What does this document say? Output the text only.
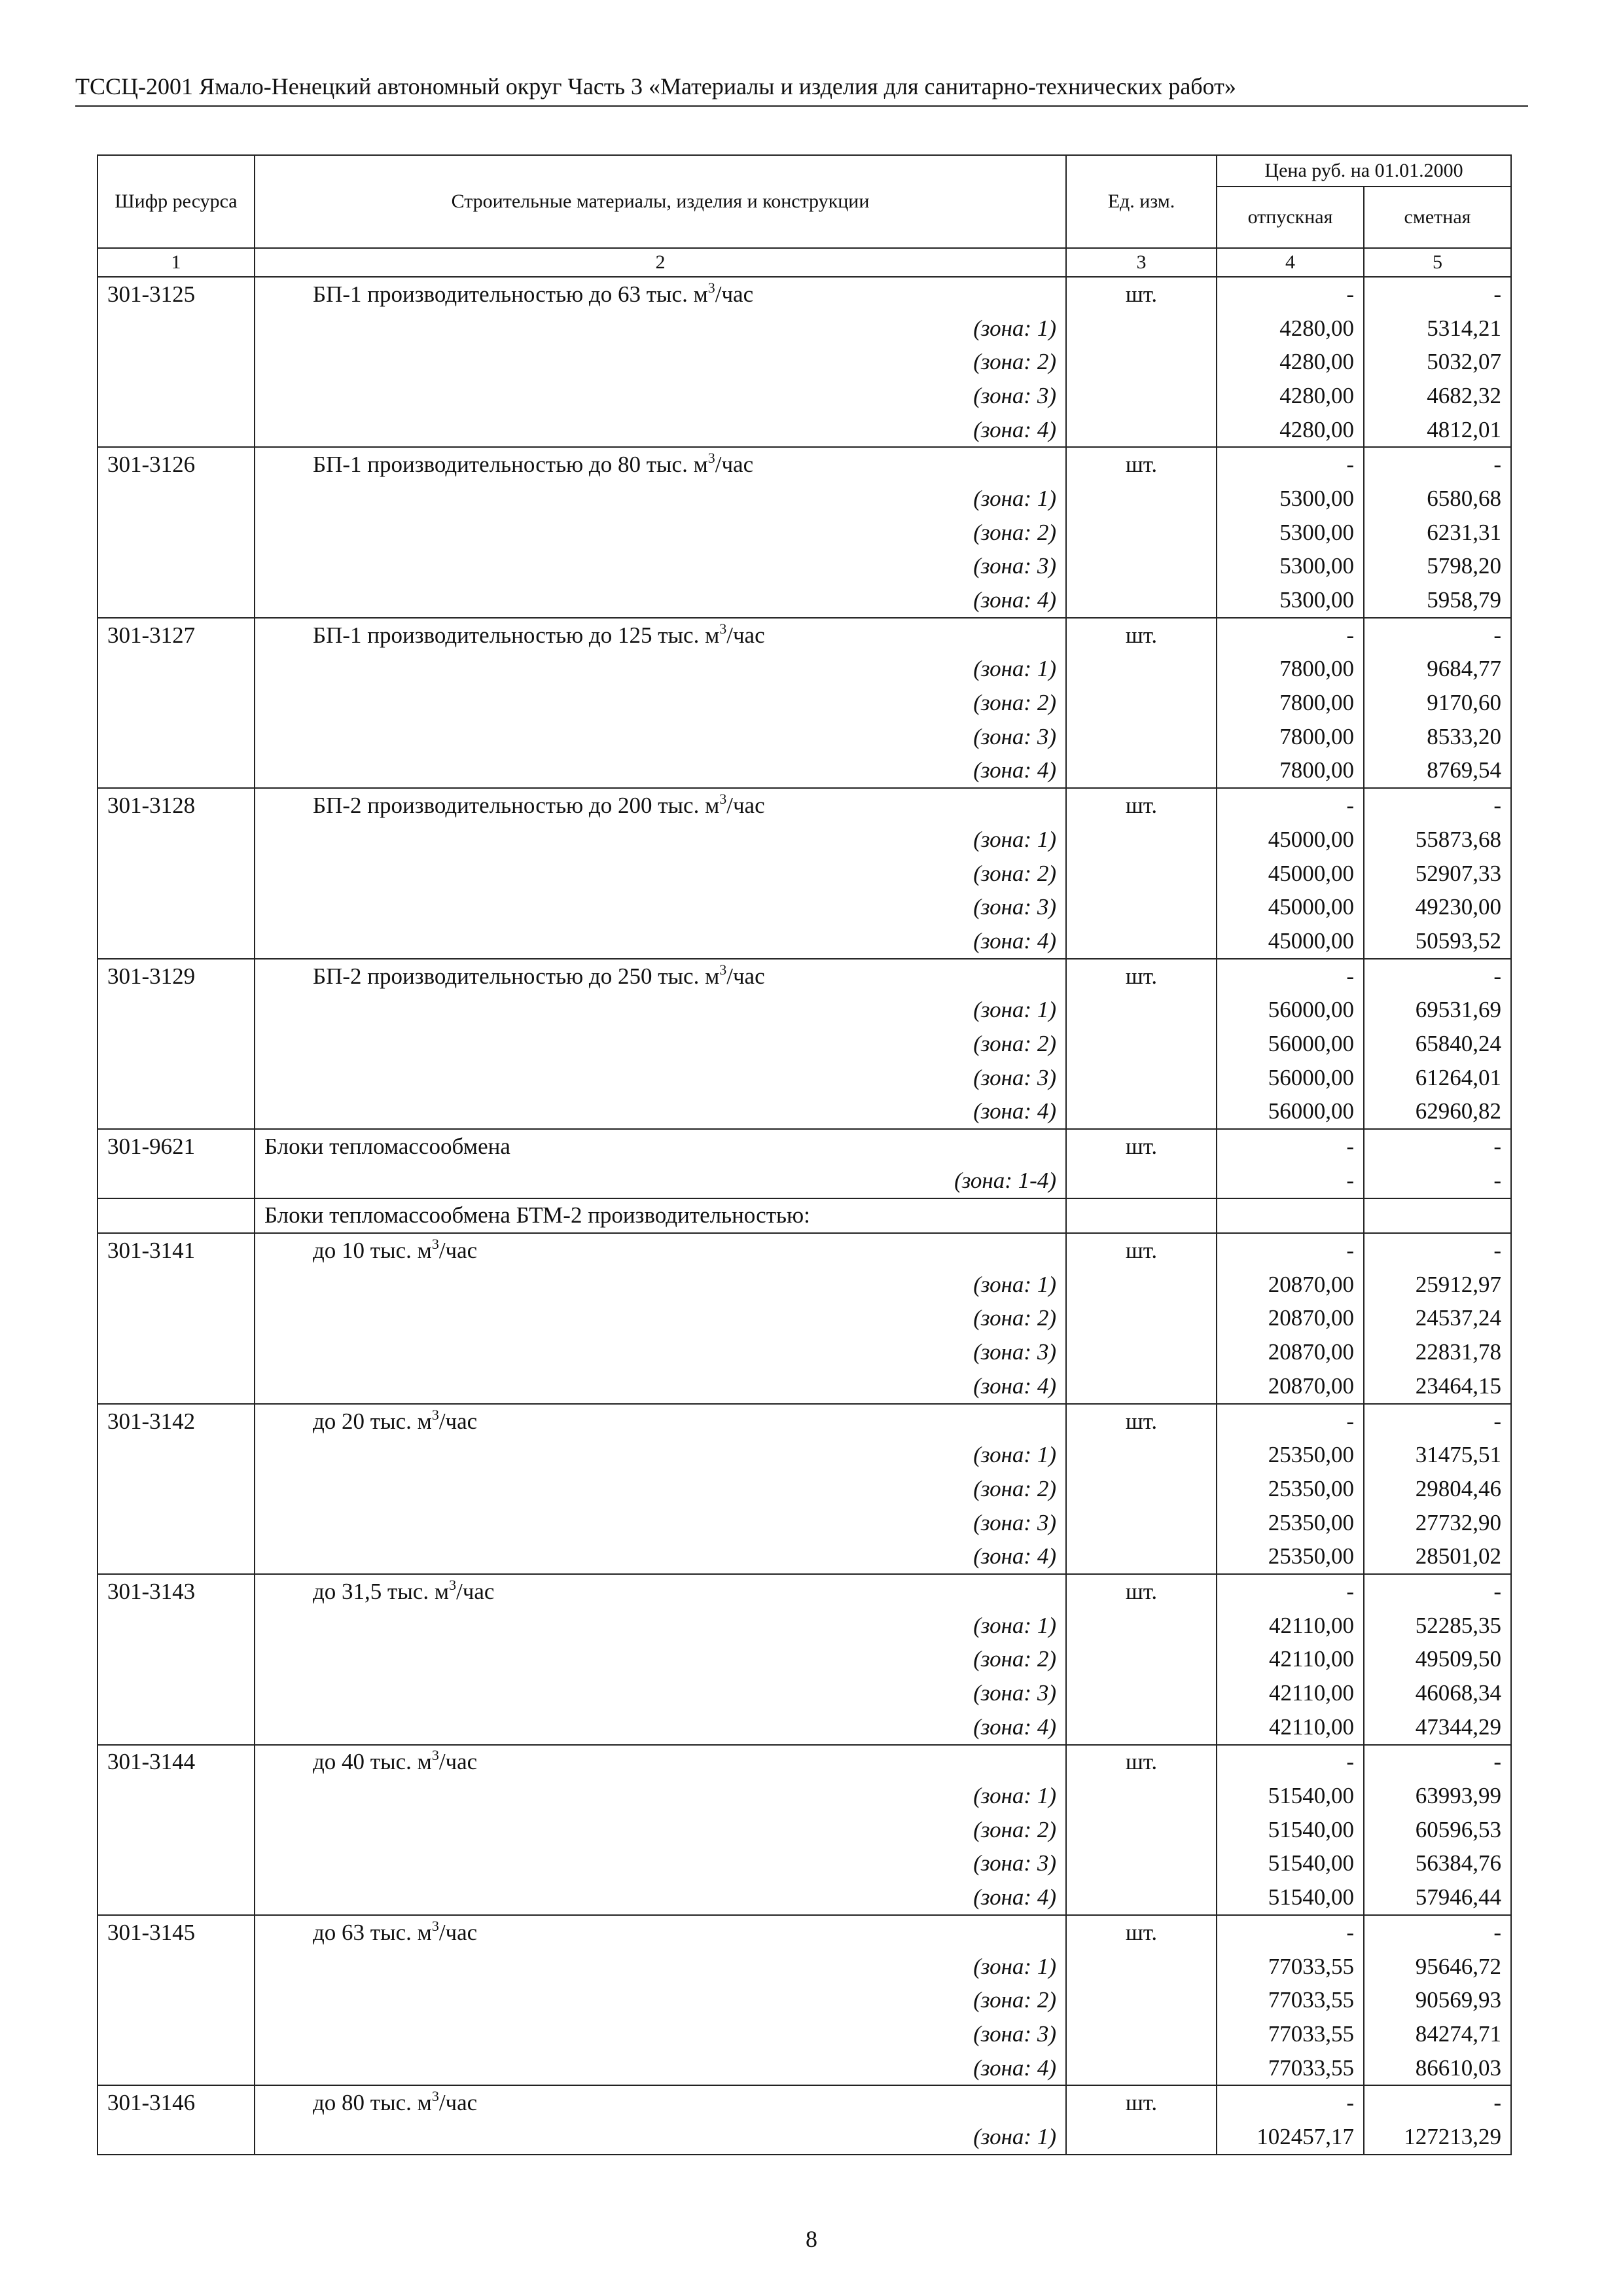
ТССЦ-2001 Ямало-Ненецкий автономный округ Часть 3 «Материалы и изделия для санитарно-технических работ»
Шифр ресурса	Строительные материалы, изделия и конструкции	Ед. изм.	Цена руб. на 01.01.2000	
			отпускная	сметная
1	2	3	4	5
301-3125	БП-1 производительностью до 63 тыс. $м^3$/час	шт.	-	-
	(зона: 1)		4280,00	5314,21
	(зона: 2)		4280,00	5032,07
	(зона: 3)		4280,00	4682,32
	(зона: 4)		4280,00	4812,01
301-3126	БП-1 производительностью до 80 тыс. $м^3$/час	шт.	-	-
	(зона: 1)		5300,00	6580,68
	(зона: 2)		5300,00	6231,31
	(зона: 3)		5300,00	5798,20
	(зона: 4)		5300,00	5958,79
301-3127	БП-1 производительностью до 125 тыс. $м^3$/час	шт.	-	-
	(зона: 1)		7800,00	9684,77
	(зона: 2)		7800,00	9170,60
	(зона: 3)		7800,00	8533,20
	(зона: 4)		7800,00	8769,54
301-3128	БП-2 производительностью до 200 тыс. $м^3$/час	шт.	-	-
	(зона: 1)		45000,00	55873,68
	(зона: 2)		45000,00	52907,33
	(зона: 3)		45000,00	49230,00
	(зона: 4)		45000,00	50593,52
301-3129	БП-2 производительностью до 250 тыс. $м^3$/час	шт.	-	-
	(зона: 1)		56000,00	69531,69
	(зона: 2)		56000,00	65840,24
	(зона: 3)		56000,00	61264,01
	(зона: 4)		56000,00	62960,82
301-9621	Блоки тепломассообмена	шт.	-	-
	(зона: 1-4)		-	-
	Блоки тепломассообмена БТМ-2 производительностью:			
301-3141	до 10 тыс. $м^3$/час	шт.	-	-
	(зона: 1)		20870,00	25912,97
	(зона: 2)		20870,00	24537,24
	(зона: 3)		20870,00	22831,78
	(зона: 4)		20870,00	23464,15
301-3142	до 20 тыс. $м^3$/час	шт.	-	-
	(зона: 1)		25350,00	31475,51
	(зона: 2)		25350,00	29804,46
	(зона: 3)		25350,00	27732,90
	(зона: 4)		25350,00	28501,02
301-3143	до 31,5 тыс. $м^3$/час	шт.	-	-
	(зона: 1)		42110,00	52285,35
	(зона: 2)		42110,00	49509,50
	(зона: 3)		42110,00	46068,34
	(зона: 4)		42110,00	47344,29
301-3144	до 40 тыс. $м^3$/час	шт.	-	-
	(зона: 1)		51540,00	63993,99
	(зона: 2)		51540,00	60596,53
	(зона: 3)		51540,00	56384,76
	(зона: 4)		51540,00	57946,44
301-3145	до 63 тыс. $м^3$/час	шт.	-	-
	(зона: 1)		77033,55	95646,72
	(зона: 2)		77033,55	90569,93
	(зона: 3)		77033,55	84274,71
	(зона: 4)		77033,55	86610,03
301-3146	до 80 тыс. $м^3$/час	шт.	-	-
	(зона: 1)		102457,17	127213,29
8
